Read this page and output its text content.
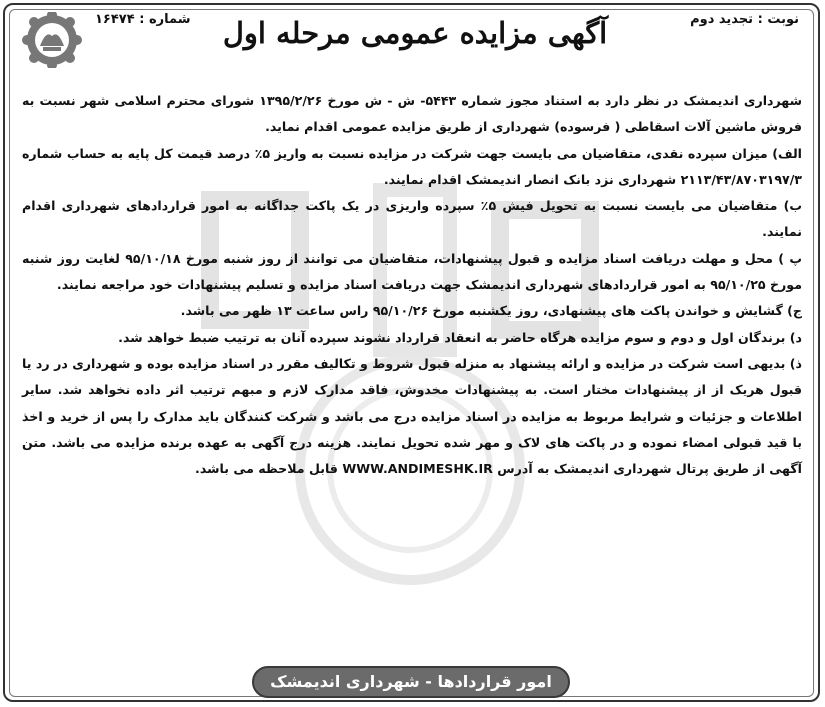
نوبت : تجدید دوم
آگهی مزایده عمومی مرحله اول
شماره : ۱۶۴۷۴

شهرداری اندیمشک در نظر دارد به استناد مجوز شماره ۵۴۴۳- ش - ش مورخ ۱۳۹۵/۲/۲۶ شورای محترم اسلامی شهر نسبت به فروش ماشین آلات اسقاطی ( فرسوده) شهرداری از طریق مزایده عمومی اقدام نماید.

الف) میزان سپرده نقدی، متقاضیان می بایست جهت شرکت در مزایده نسبت به واریز ۵٪ درصد قیمت کل پایه به حساب شماره ۲۱۱۳/۴۳/۸۷۰۳۱۹۷/۳ شهرداری نزد بانک انصار اندیمشک اقدام نمایند.

ب) متقاضیان می بایست نسبت به تحویل فیش ۵٪ سپرده واریزی در یک پاکت جداگانه به امور قراردادهای شهرداری اقدام نمایند.

پ ) محل و مهلت دریافت اسناد مزایده و قبول پیشنهادات، متقاضیان می توانند از روز شنبه مورخ ۹۵/۱۰/۱۸ لغایت روز شنبه مورخ ۹۵/۱۰/۲۵ به امور قراردادهای شهرداری اندیمشک جهت دریافت اسناد مزایده و تسلیم پیشنهادات خود مراجعه نمایند.

ج) گشایش و خواندن پاکت های پیشنهادی، روز یکشنبه مورخ ۹۵/۱۰/۲۶ راس ساعت ۱۳ ظهر می باشد.

د) برندگان اول و دوم و سوم مزایده هرگاه حاضر به انعقاد قرارداد نشوند سپرده آنان به ترتیب ضبط خواهد شد.

ذ) بدیهی است شرکت در مزایده و ارائه پیشنهاد به منزله قبول شروط و تکالیف مقرر در اسناد مزایده بوده و شهرداری در رد یا قبول هریک از از پیشنهادات مختار است. به پیشنهادات مخدوش، فاقد مدارک لازم و مبهم ترتیب اثر داده نخواهد شد. سایر اطلاعات و جزئیات و شرایط مربوط به مزایده در اسناد مزایده درج می باشد و شرکت کنندگان باید مدارک را پس از خرید و اخذ با قید قبولی امضاء نموده و در پاکت های لاک و مهر شده تحویل نمایند. هزینه درج آگهی به عهده برنده مزایده می باشد. متن آگهی از طریق پرتال شهرداری اندیمشک به آدرس WWW.ANDIMESHK.IR قابل ملاحظه می باشد.

امور قراردادها - شهرداری اندیمشک
